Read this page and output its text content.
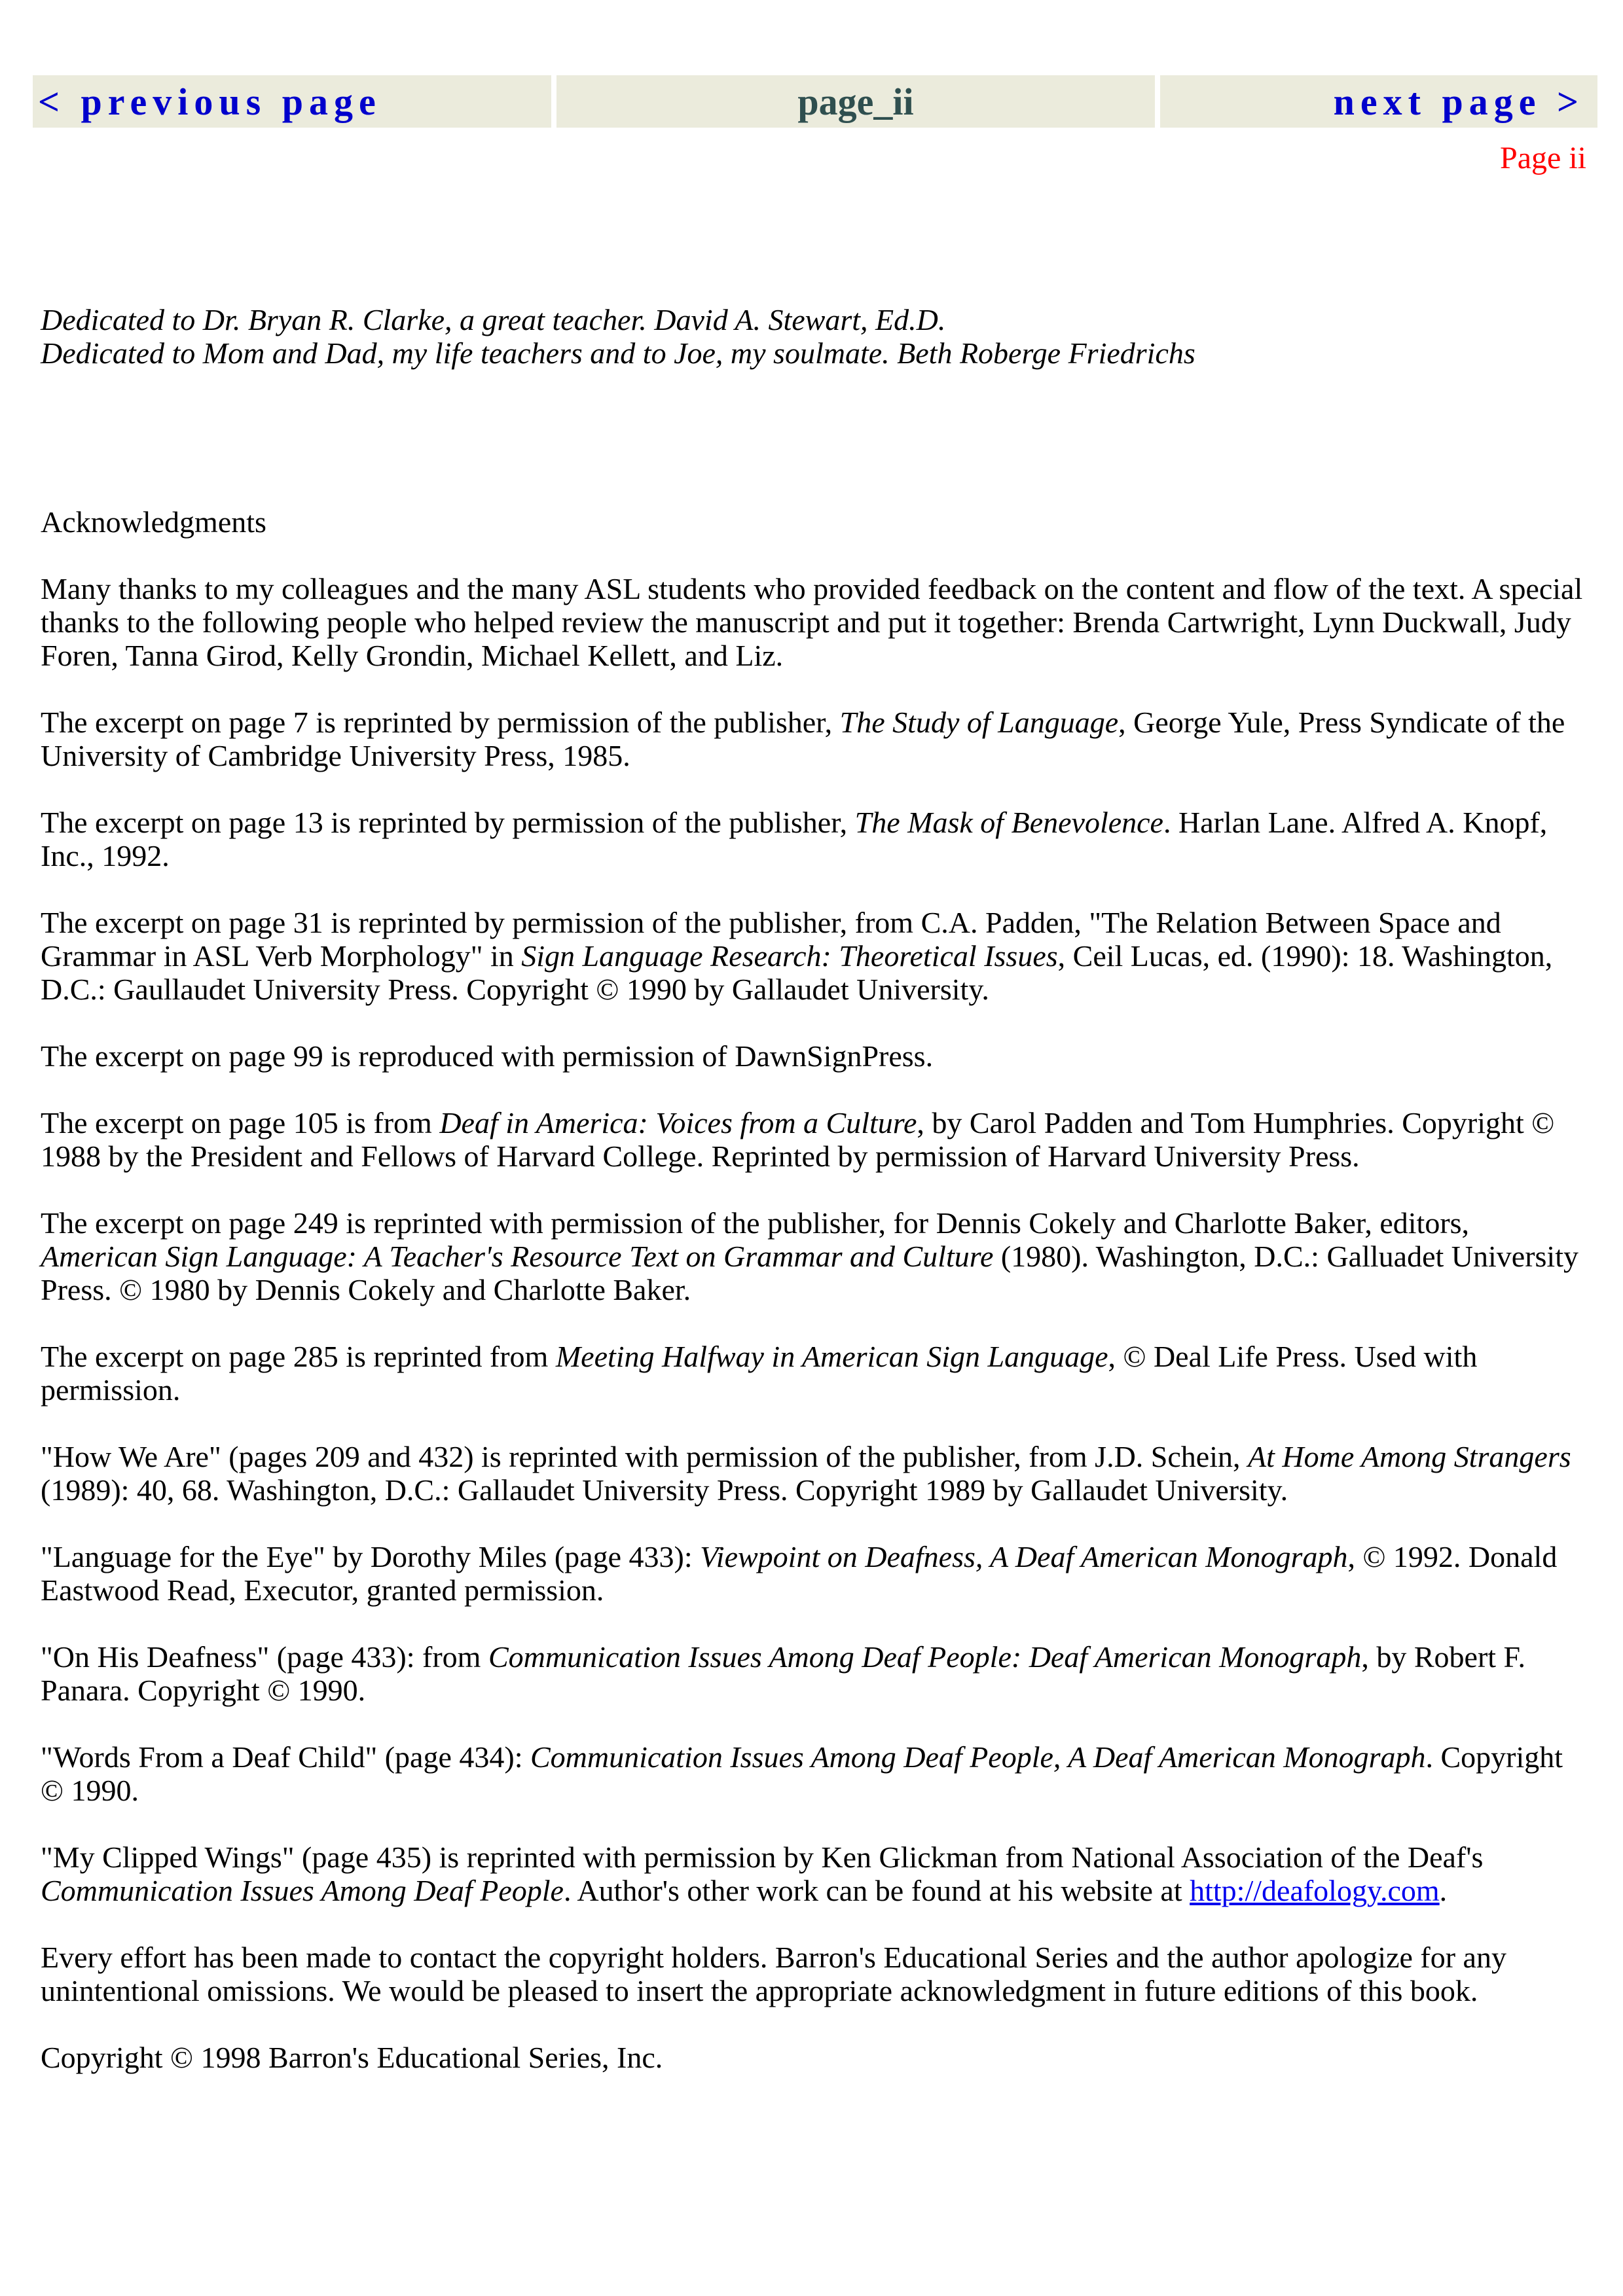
< previous page	page_ii	next page >
Page ii

Dedicated to Dr. Bryan R. Clarke, a great teacher. David A. Stewart, Ed.D.

Dedicated to Mom and Dad, my life teachers and to Joe, my soulmate. Beth Roberge Friedrichs

Acknowledgments

Many thanks to my colleagues and the many ASL students who provided feedback on the content and flow of the text. A special thanks to the following people who helped review the manuscript and put it together: Brenda Cartwright, Lynn Duckwall, Judy Foren, Tanna Girod, Kelly Grondin, Michael Kellett, and Liz.

The excerpt on page 7 is reprinted by permission of the publisher, The Study of Language, George Yule, Press Syndicate of the University of Cambridge University Press, 1985.

The excerpt on page 13 is reprinted by permission of the publisher, The Mask of Benevolence. Harlan Lane. Alfred A. Knopf, Inc., 1992.

The excerpt on page 31 is reprinted by permission of the publisher, from C.A. Padden, "The Relation Between Space and Grammar in ASL Verb Morphology" in Sign Language Research: Theoretical Issues, Ceil Lucas, ed. (1990): 18. Washington, D.C.: Gaullaudet University Press. Copyright © 1990 by Gallaudet University.

The excerpt on page 99 is reproduced with permission of DawnSignPress.

The excerpt on page 105 is from Deaf in America: Voices from a Culture, by Carol Padden and Tom Humphries. Copyright © 1988 by the President and Fellows of Harvard College. Reprinted by permission of Harvard University Press.

The excerpt on page 249 is reprinted with permission of the publisher, for Dennis Cokely and Charlotte Baker, editors, American Sign Language: A Teacher's Resource Text on Grammar and Culture (1980). Washington, D.C.: Galluadet University Press. © 1980 by Dennis Cokely and Charlotte Baker.

The excerpt on page 285 is reprinted from Meeting Halfway in American Sign Language, © Deal Life Press. Used with permission.

"How We Are" (pages 209 and 432) is reprinted with permission of the publisher, from J.D. Schein, At Home Among Strangers (1989): 40, 68. Washington, D.C.: Gallaudet University Press. Copyright 1989 by Gallaudet University.

"Language for the Eye" by Dorothy Miles (page 433): Viewpoint on Deafness, A Deaf American Monograph, © 1992. Donald Eastwood Read, Executor, granted permission.

"On His Deafness" (page 433): from Communication Issues Among Deaf People: Deaf American Monograph, by Robert F. Panara. Copyright © 1990.

"Words From a Deaf Child" (page 434): Communication Issues Among Deaf People, A Deaf American Monograph. Copyright © 1990.

"My Clipped Wings" (page 435) is reprinted with permission by Ken Glickman from National Association of the Deaf's Communication Issues Among Deaf People. Author's other work can be found at his website at http://deafology.com.

Every effort has been made to contact the copyright holders. Barron's Educational Series and the author apologize for any unintentional omissions. We would be pleased to insert the appropriate acknowledgment in future editions of this book.

Copyright © 1998 Barron's Educational Series, Inc.
